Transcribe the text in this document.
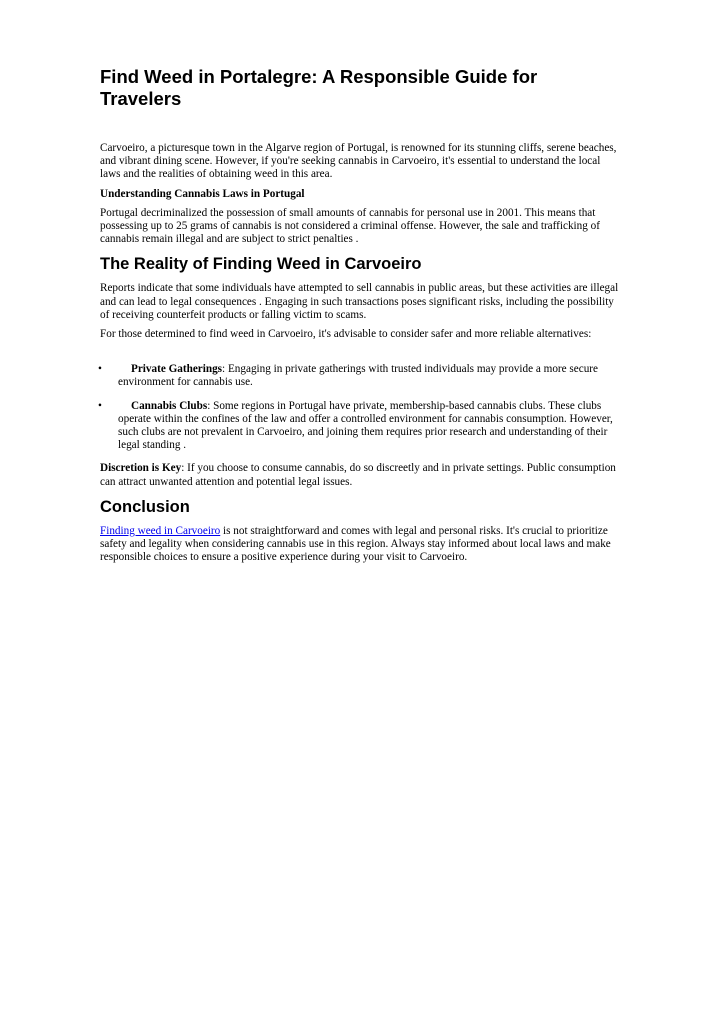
Find Weed in Portalegre: A Responsible Guide for Travelers

Carvoeiro, a picturesque town in the Algarve region of Portugal, is renowned for its stunning cliffs, serene beaches, and vibrant dining scene. However, if you're seeking cannabis in Carvoeiro, it's essential to understand the local laws and the realities of obtaining weed in this area.

Understanding Cannabis Laws in Portugal

Portugal decriminalized the possession of small amounts of cannabis for personal use in 2001. This means that possessing up to 25 grams of cannabis is not considered a criminal offense. However, the sale and trafficking of cannabis remain illegal and are subject to strict penalties .

The Reality of Finding Weed in Carvoeiro

Reports indicate that some individuals have attempted to sell cannabis in public areas, but these activities are illegal and can lead to legal consequences . Engaging in such transactions poses significant risks, including the possibility of receiving counterfeit products or falling victim to scams.

For those determined to find weed in Carvoeiro, it's advisable to consider safer and more reliable alternatives:

•	Private Gatherings: Engaging in private gatherings with trusted individuals may provide a more secure environment for cannabis use.
•	Cannabis Clubs: Some regions in Portugal have private, membership-based cannabis clubs. These clubs operate within the confines of the law and offer a controlled environment for cannabis consumption. However, such clubs are not prevalent in Carvoeiro, and joining them requires prior research and understanding of their legal standing .

Discretion is Key: If you choose to consume cannabis, do so discreetly and in private settings. Public consumption can attract unwanted attention and potential legal issues.

Conclusion

Finding weed in Carvoeiro is not straightforward and comes with legal and personal risks. It's crucial to prioritize safety and legality when considering cannabis use in this region. Always stay informed about local laws and make responsible choices to ensure a positive experience during your visit to Carvoeiro.
